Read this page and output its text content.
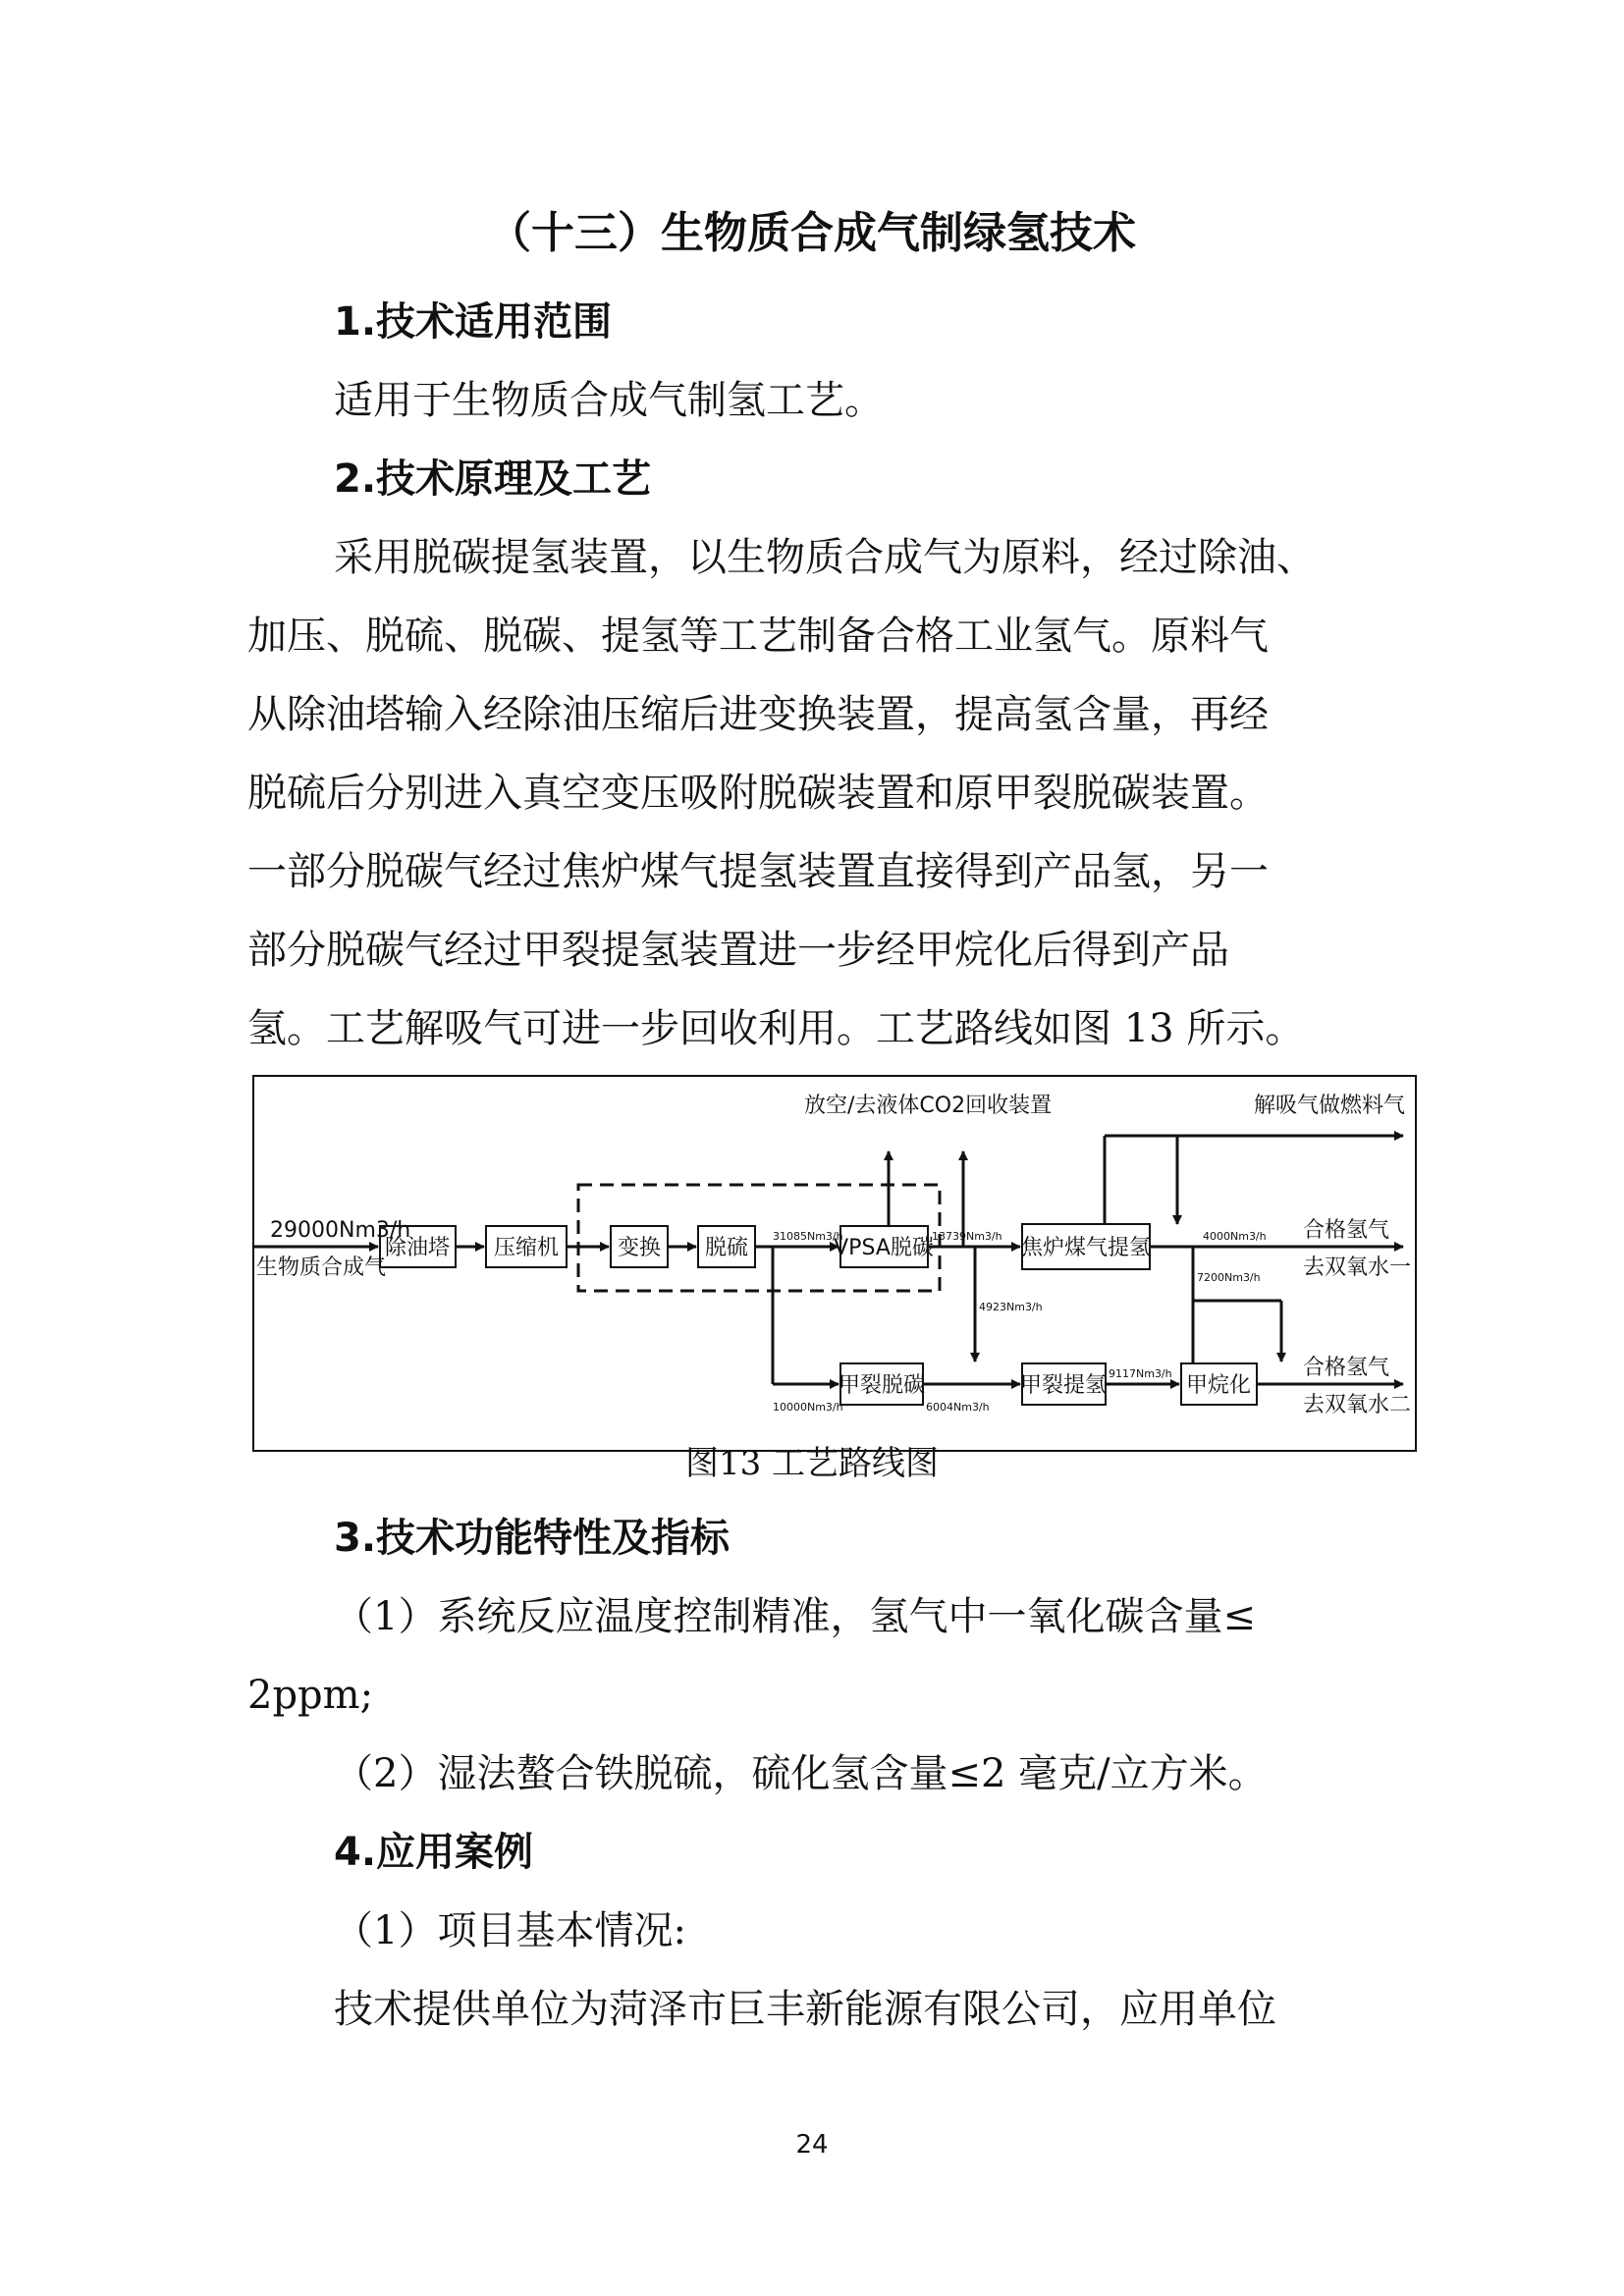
（十三）生物质合成气制绿氢技术
1.技术适用范围
适用于生物质合成气制氢工艺。
2.技术原理及工艺
采用脱碳提氢装置，以生物质合成气为原料，经过除油、
加压、脱硫、脱碳、提氢等工艺制备合格工业氢气。原料气
从除油塔输入经除油压缩后进变换装置，提高氢含量，再经
脱硫后分别进入真空变压吸附脱碳装置和原甲裂脱碳装置。
一部分脱碳气经过焦炉煤气提氢装置直接得到产品氢，另一
部分脱碳气经过甲裂提氢装置进一步经甲烷化后得到产品
氢。工艺解吸气可进一步回收利用。工艺路线如图 13 所示。
除油塔 压缩机	变换 脱硫	VPSA脱碳	焦炉煤气提氢
甲裂脱碳	甲裂提氢	甲烷化
29000Nm3/h
生物质合成气
放空/去液体CO2回收装置	解吸气做燃料气
合格氢气
去双氧水一
合格氢气
去双氧水二
31085Nm3/h	13739Nm3/h
4923Nm3/h
10000Nm3/h	6004Nm3/h
9117Nm3/h
4000Nm3/h
7200Nm3/h
图13 工艺路线图
3.技术功能特性及指标
（1）系统反应温度控制精准，氢气中一氧化碳含量≤
2ppm;
（2）湿法螯合铁脱硫，硫化氢含量≤2 毫克/立方米。
4.应用案例
（1）项目基本情况:
技术提供单位为菏泽市巨丰新能源有限公司，应用单位
24
